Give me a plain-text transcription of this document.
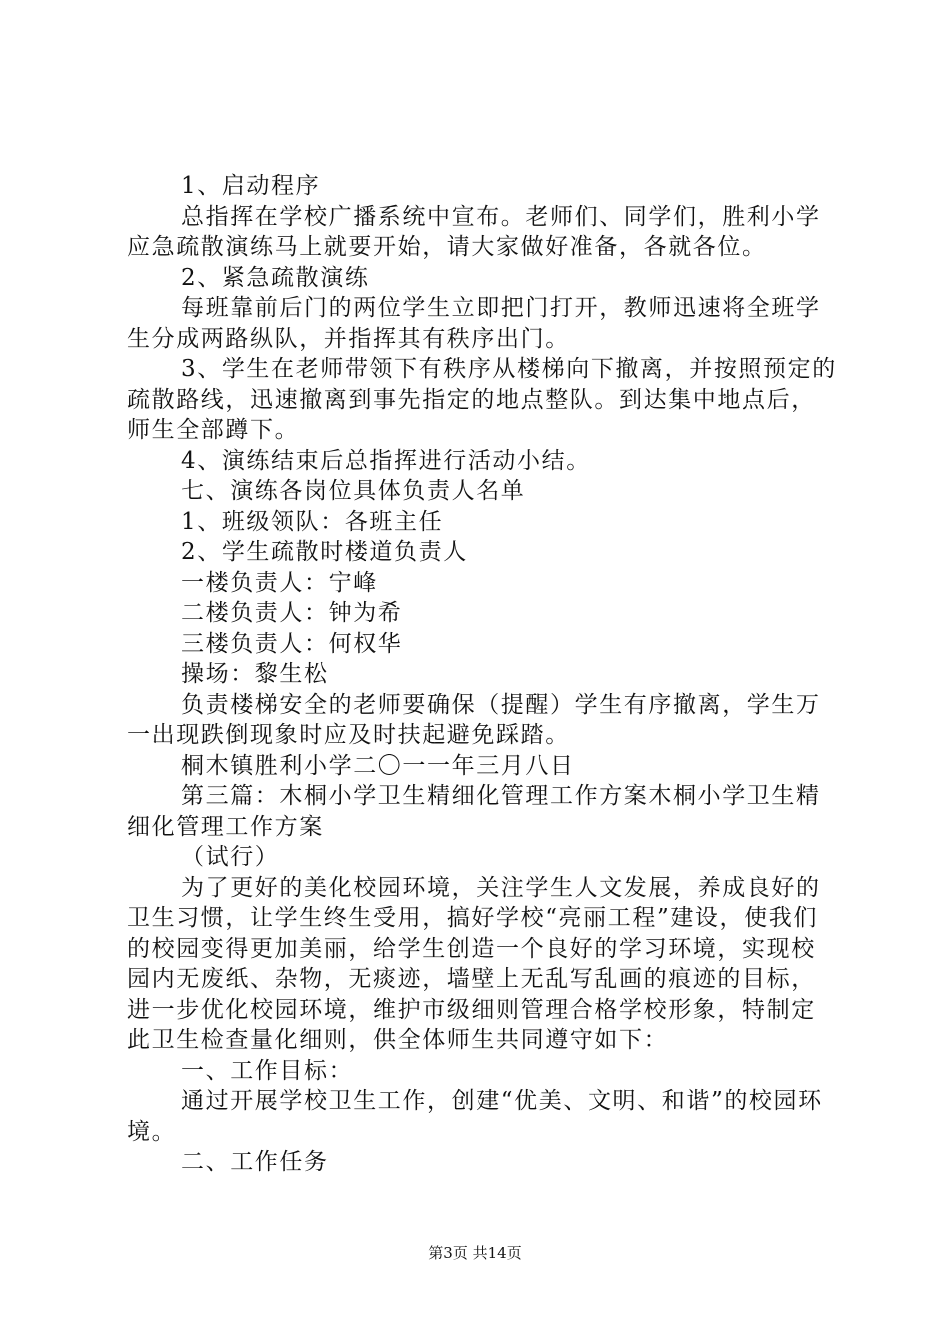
1、启动程序

总指挥在学校广播系统中宣布。老师们、同学们，胜利小学应急疏散演练马上就要开始，请大家做好准备，各就各位。

2、紧急疏散演练

每班靠前后门的两位学生立即把门打开，教师迅速将全班学生分成两路纵队，并指挥其有秩序出门。

3、学生在老师带领下有秩序从楼梯向下撤离，并按照预定的疏散路线，迅速撤离到事先指定的地点整队。到达集中地点后，师生全部蹲下。

4、演练结束后总指挥进行活动小结。

七、演练各岗位具体负责人名单

1、班级领队：各班主任

2、学生疏散时楼道负责人

一楼负责人：宁峰

二楼负责人：钟为希

三楼负责人：何权华

操场：黎生松

负责楼梯安全的老师要确保（提醒）学生有序撤离，学生万一出现跌倒现象时应及时扶起避免踩踏。

桐木镇胜利小学二〇一一年三月八日

第三篇：木桐小学卫生精细化管理工作方案木桐小学卫生精细化管理工作方案

（试行）

为了更好的美化校园环境，关注学生人文发展，养成良好的卫生习惯，让学生终生受用，搞好学校“亮丽工程”建设，使我们的校园变得更加美丽，给学生创造一个良好的学习环境，实现校园内无废纸、杂物，无痰迹，墙壁上无乱写乱画的痕迹的目标，进一步优化校园环境，维护市级细则管理合格学校形象，特制定此卫生检查量化细则，供全体师生共同遵守如下：

一、工作目标：

通过开展学校卫生工作，创建“优美、文明、和谐”的校园环境。

二、工作任务

第3页 共14页
